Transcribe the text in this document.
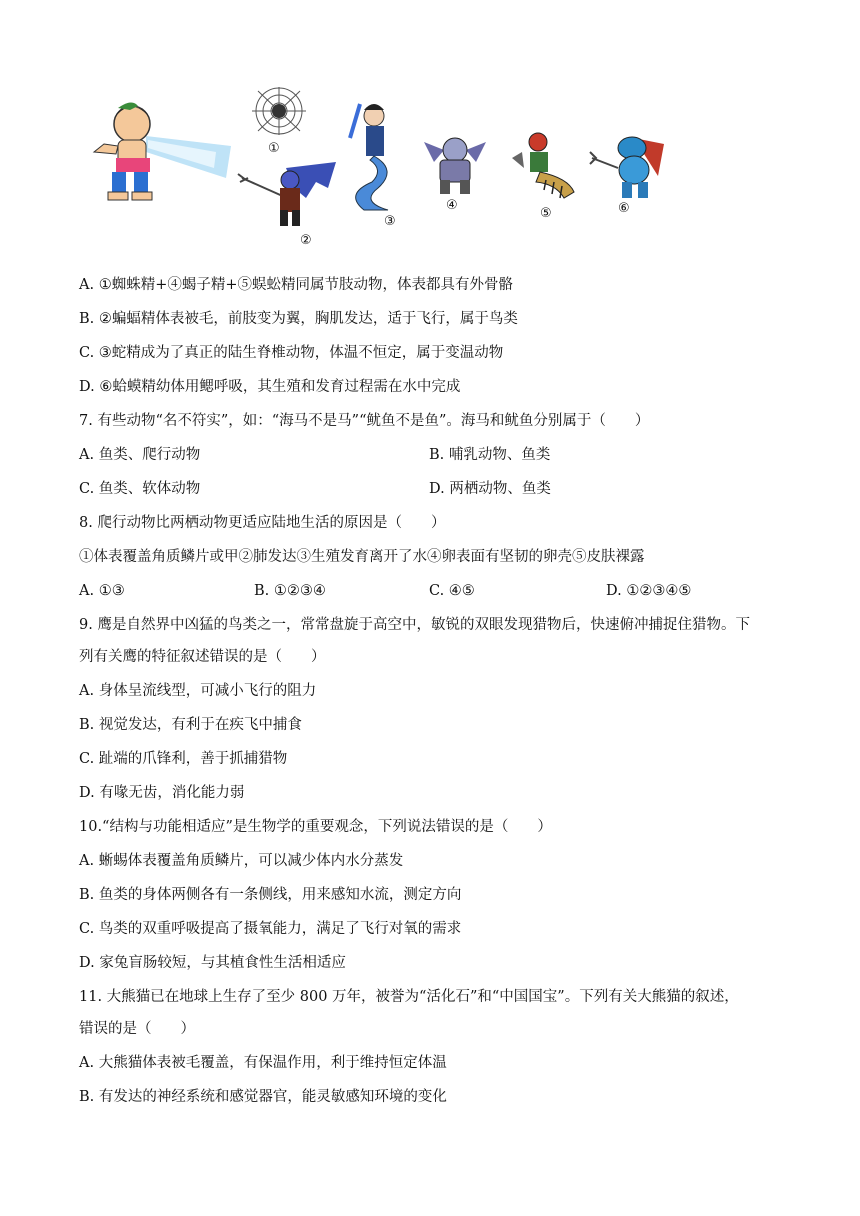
①
②
③
④
⑤	⑥
A. ①蜘蛛精+④蝎子精+⑤蜈蚣精同属节肢动物，体表都具有外骨骼
B. ②蝙蝠精体表被毛，前肢变为翼，胸肌发达，适于飞行，属于鸟类
C. ③蛇精成为了真正的陆生脊椎动物，体温不恒定，属于变温动物
D. ⑥蛤蟆精幼体用鳃呼吸，其生殖和发育过程需在水中完成
7. 有些动物“名不符实”，如：“海马不是马”“鱿鱼不是鱼”。海马和鱿鱼分别属于（　　）
A. 鱼类、爬行动物	B. 哺乳动物、鱼类
C. 鱼类、软体动物	D. 两栖动物、鱼类
8. 爬行动物比两栖动物更适应陆地生活的原因是（　　）
①体表覆盖角质鳞片或甲②肺发达③生殖发育离开了水④卵表面有坚韧的卵壳⑤皮肤裸露
A. ①③	B. ①②③④	C. ④⑤	D. ①②③④⑤
9. 鹰是自然界中凶猛的鸟类之一，常常盘旋于高空中，敏锐的双眼发现猎物后，快速俯冲捕捉住猎物。下
列有关鹰的特征叙述错误的是（　　）
A. 身体呈流线型，可减小飞行的阻力
B. 视觉发达，有利于在疾飞中捕食
C. 趾端的爪锋利，善于抓捕猎物
D. 有喙无齿，消化能力弱
10.“结构与功能相适应”是生物学的重要观念，下列说法错误的是（　　）
A. 蜥蜴体表覆盖角质鳞片，可以减少体内水分蒸发
B. 鱼类的身体两侧各有一条侧线，用来感知水流，测定方向
C. 鸟类的双重呼吸提高了摄氧能力，满足了飞行对氧的需求
D. 家兔盲肠较短，与其植食性生活相适应
11. 大熊猫已在地球上生存了至少 800 万年，被誉为“活化石”和“中国国宝”。下列有关大熊猫的叙述，
错误的是（　　）
A. 大熊猫体表被毛覆盖，有保温作用，利于维持恒定体温
B. 有发达的神经系统和感觉器官，能灵敏感知环境的变化
